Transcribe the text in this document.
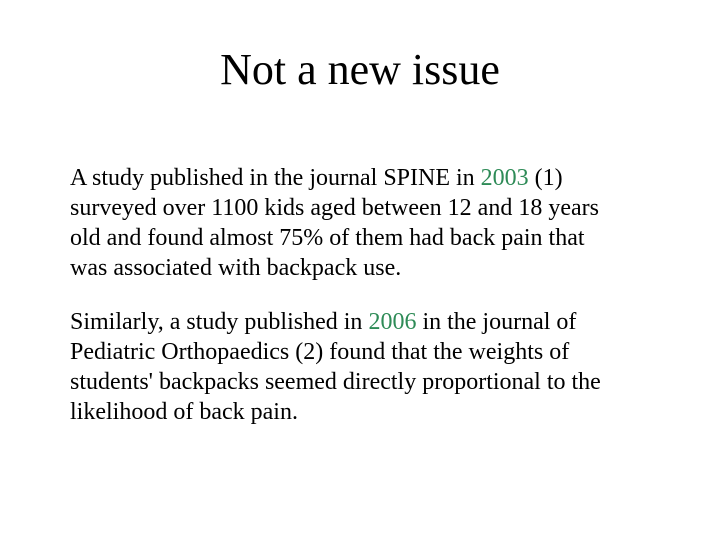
Not a new issue

A study published in the journal SPINE in 2003 (1)
surveyed over 1100 kids aged between 12 and 18 years
old and found almost 75% of them had back pain that
was associated with backpack use.

Similarly, a study published in 2006 in the journal of
Pediatric Orthopaedics (2) found that the weights of
students' backpacks seemed directly proportional to the
likelihood of back pain.
